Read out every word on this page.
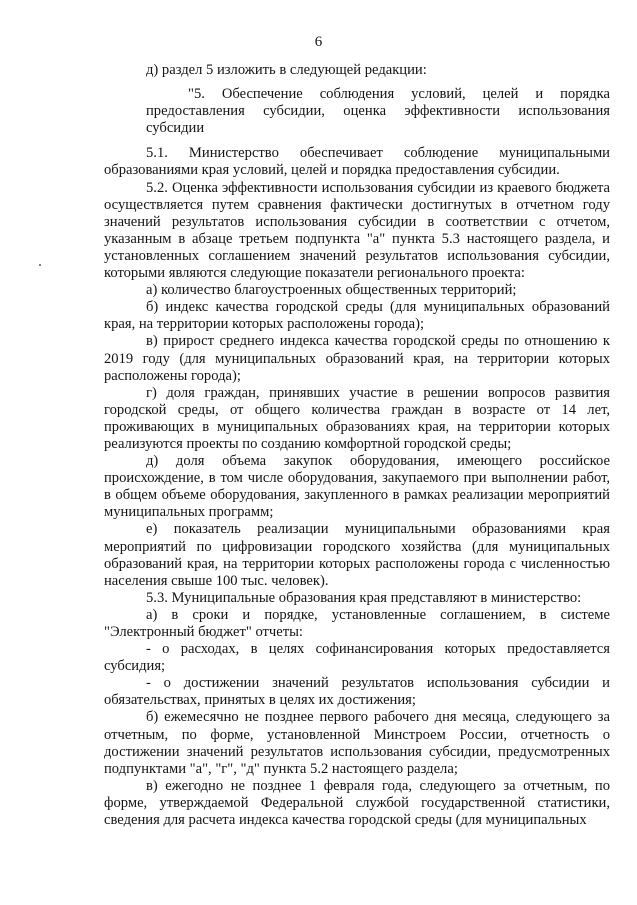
6

д) раздел 5 изложить в следующей редакции:

"5. Обеспечение соблюдения условий, целей и порядка предоставления субсидии, оценка эффективности использования субсидии

5.1. Министерство обеспечивает соблюдение муниципальными образованиями края условий, целей и порядка предоставления субсидии.

5.2. Оценка эффективности использования субсидии из краевого бюджета осуществляется путем сравнения фактически достигнутых в отчетном году значений результатов использования субсидии в соответствии с отчетом, указанным в абзаце третьем подпункта "а" пункта 5.3 настоящего раздела, и установленных соглашением значений результатов использования субсидии, которыми являются следующие показатели регионального проекта:

а) количество благоустроенных общественных территорий;

б) индекс качества городской среды (для муниципальных образований края, на территории которых расположены города);

в) прирост среднего индекса качества городской среды по отношению к 2019 году (для муниципальных образований края, на территории которых расположены города);

г) доля граждан, принявших участие в решении вопросов развития городской среды, от общего количества граждан в возрасте от 14 лет, проживающих в муниципальных образованиях края, на территории которых реализуются проекты по созданию комфортной городской среды;

д) доля объема закупок оборудования, имеющего российское происхождение, в том числе оборудования, закупаемого при выполнении работ, в общем объеме оборудования, закупленного в рамках реализации мероприятий муниципальных программ;

е) показатель реализации муниципальными образованиями края мероприятий по цифровизации городского хозяйства (для муниципальных образований края, на территории которых расположены города с численностью населения свыше 100 тыс. человек).

5.3. Муниципальные образования края представляют в министерство:

а) в сроки и порядке, установленные соглашением, в системе "Электронный бюджет" отчеты:

- о расходах, в целях софинансирования которых предоставляется субсидия;

- о достижении значений результатов использования субсидии и обязательствах, принятых в целях их достижения;

б) ежемесячно не позднее первого рабочего дня месяца, следующего за отчетным, по форме, установленной Минстроем России, отчетность о достижении значений результатов использования субсидии, предусмотренных подпунктами "а", "г", "д" пункта 5.2 настоящего раздела;

в) ежегодно не позднее 1 февраля года, следующего за отчетным, по форме, утверждаемой Федеральной службой государственной статистики, сведения для расчета индекса качества городской среды (для муниципальных
